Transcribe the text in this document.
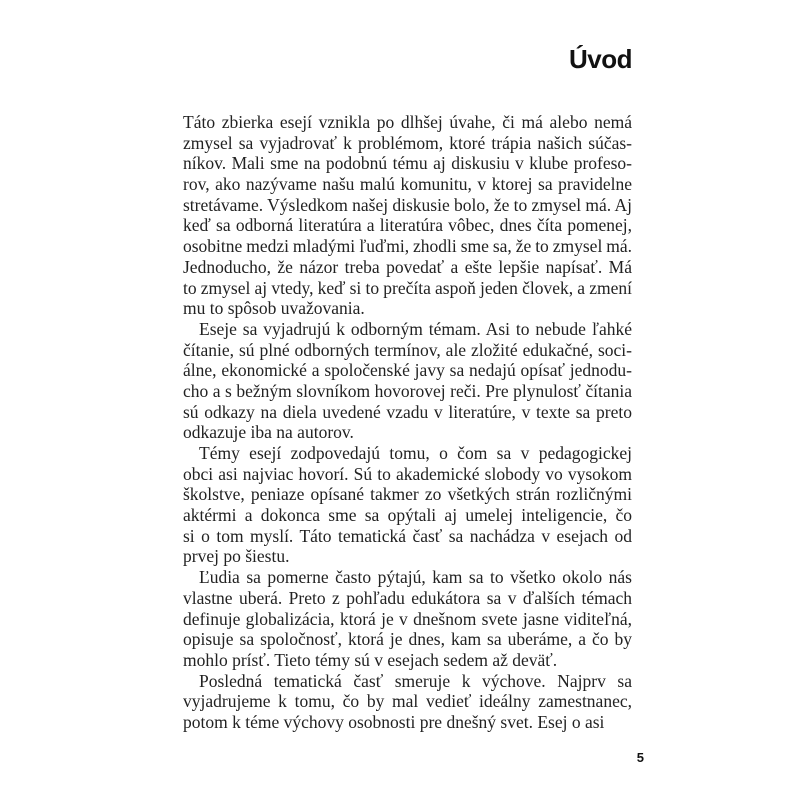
Úvod
Táto zbierka esejí vznikla po dlhšej úvahe, či má alebo nemá
zmysel sa vyjadrovať k problémom, ktoré trápia našich súčas-
níkov. Mali sme na podobnú tému aj diskusiu v klube profeso-
rov, ako nazývame našu malú komunitu, v ktorej sa pravidelne
stretávame. Výsledkom našej diskusie bolo, že to zmysel má. Aj
keď sa odborná literatúra a literatúra vôbec, dnes číta pomenej,
osobitne medzi mladými ľuďmi, zhodli sme sa, že to zmysel má.
Jednoducho, že názor treba povedať a ešte lepšie napísať. Má
to zmysel aj vtedy, keď si to prečíta aspoň jeden človek, a zmení
mu to spôsob uvažovania.
Eseje sa vyjadrujú k odborným témam. Asi to nebude ľahké
čítanie, sú plné odborných termínov, ale zložité edukačné, soci-
álne, ekonomické a spoločenské javy sa nedajú opísať jednodu-
cho a s bežným slovníkom hovorovej reči. Pre plynulosť čítania
sú odkazy na diela uvedené vzadu v literatúre, v texte sa preto
odkazuje iba na autorov.
Témy esejí zodpovedajú tomu, o čom sa v pedagogickej
obci asi najviac hovorí. Sú to akademické slobody vo vysokom
školstve, peniaze opísané takmer zo všetkých strán rozličnými
aktérmi a dokonca sme sa opýtali aj umelej inteligencie, čo
si o tom myslí. Táto tematická časť sa nachádza v esejach od
prvej po šiestu.
Ľudia sa pomerne často pýtajú, kam sa to všetko okolo nás
vlastne uberá. Preto z pohľadu edukátora sa v ďalších témach
definuje globalizácia, ktorá je v dnešnom svete jasne viditeľná,
opisuje sa spoločnosť, ktorá je dnes, kam sa uberáme, a čo by
mohlo prísť. Tieto témy sú v esejach sedem až deväť.
Posledná tematická časť smeruje k výchove. Najprv sa
vyjadrujeme k tomu, čo by mal vedieť ideálny zamestnanec,
potom k téme výchovy osobnosti pre dnešný svet. Esej o asi
5
